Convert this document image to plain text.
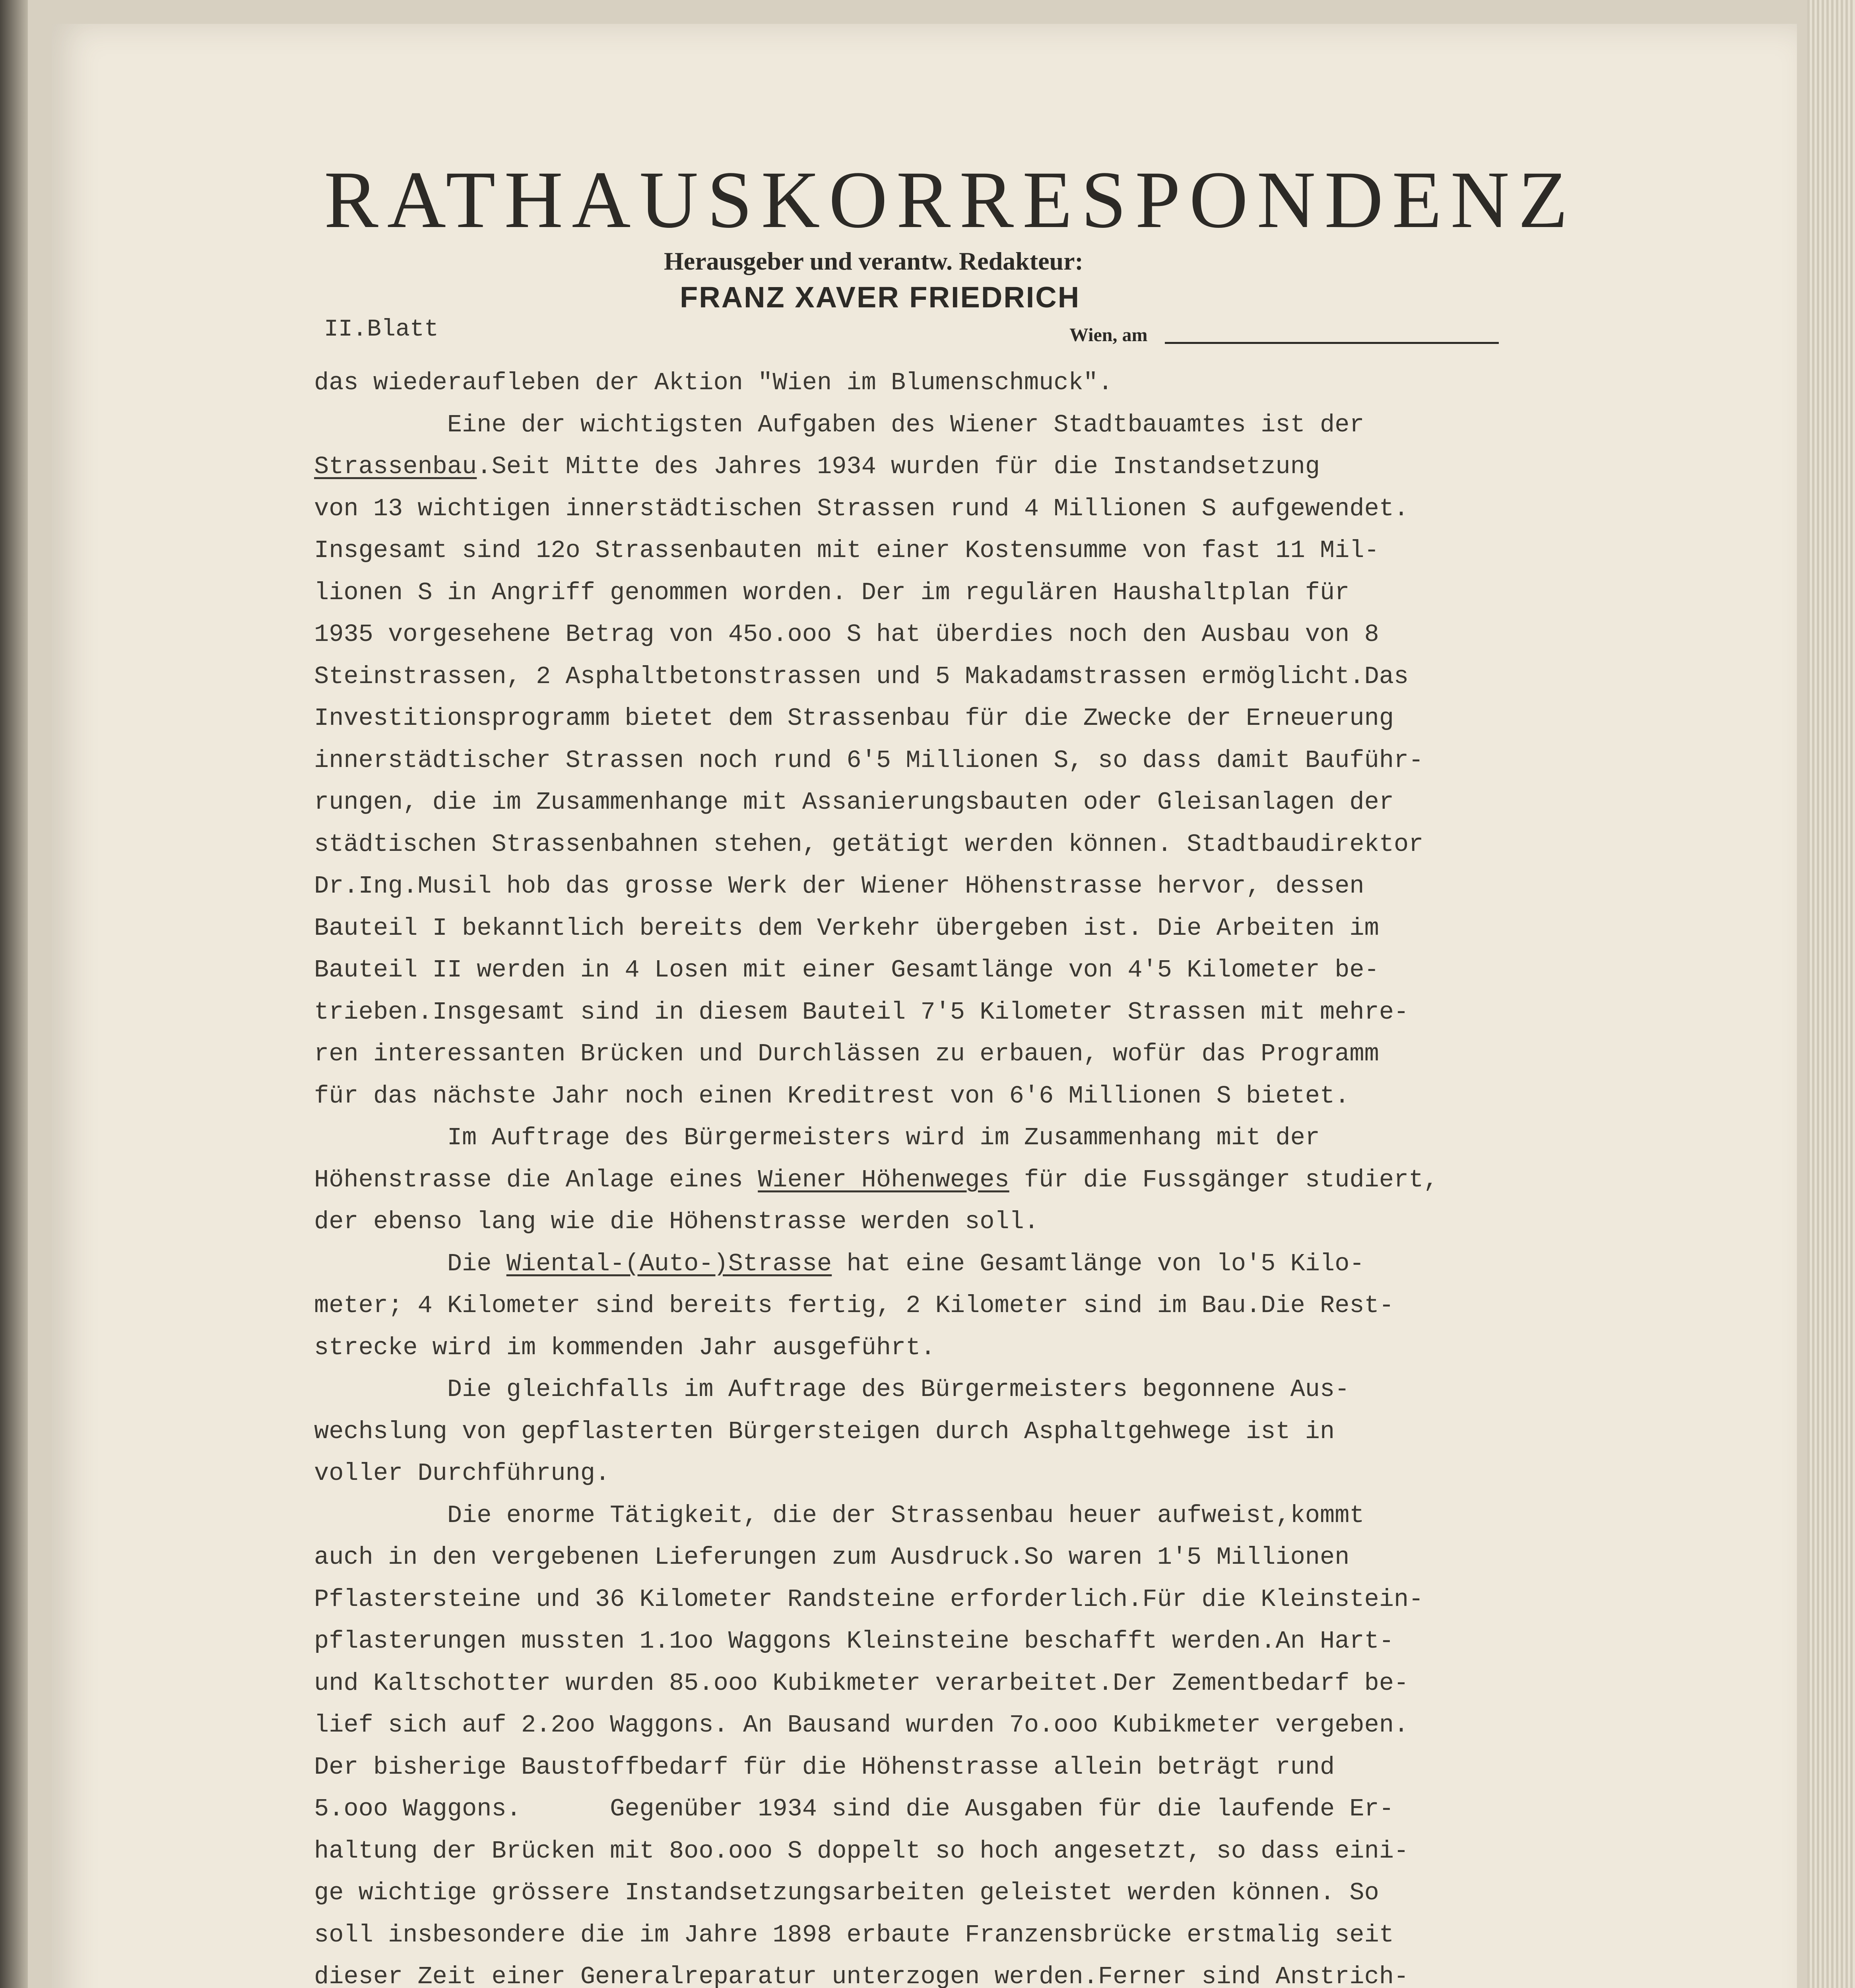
RATHAUSKORRESPONDENZ
Herausgeber und verantw. Redakteur:
FRANZ XAVER FRIEDRICH
II.Blatt	Wien, am
das wiederaufleben der Aktion "Wien im Blumenschmuck".
Eine der wichtigsten Aufgaben des Wiener Stadtbauamtes ist der
Strassenbau.Seit Mitte des Jahres 1934 wurden für die Instandsetzung
von 13 wichtigen innerstädtischen Strassen rund 4 Millionen S aufgewendet.
Insgesamt sind 12o Strassenbauten mit einer Kostensumme von fast 11 Mil-
lionen S in Angriff genommen worden. Der im regulären Haushaltplan für
1935 vorgesehene Betrag von 45o.ooo S hat überdies noch den Ausbau von 8
Steinstrassen, 2 Asphaltbetonstrassen und 5 Makadamstrassen ermöglicht.Das
Investitionsprogramm bietet dem Strassenbau für die Zwecke der Erneuerung
innerstädtischer Strassen noch rund 6'5 Millionen S, so dass damit Bauführ-
rungen, die im Zusammenhange mit Assanierungsbauten oder Gleisanlagen der
städtischen Strassenbahnen stehen, getätigt werden können. Stadtbaudirektor
Dr.Ing.Musil hob das grosse Werk der Wiener Höhenstrasse hervor, dessen
Bauteil I bekanntlich bereits dem Verkehr übergeben ist. Die Arbeiten im
Bauteil II werden in 4 Losen mit einer Gesamtlänge von 4'5 Kilometer be-
trieben.Insgesamt sind in diesem Bauteil 7'5 Kilometer Strassen mit mehre-
ren interessanten Brücken und Durchlässen zu erbauen, wofür das Programm
für das nächste Jahr noch einen Kreditrest von 6'6 Millionen S bietet.
Im Auftrage des Bürgermeisters wird im Zusammenhang mit der
Höhenstrasse die Anlage eines Wiener Höhenweges für die Fussgänger studiert,
der ebenso lang wie die Höhenstrasse werden soll.
Die Wiental-(Auto-)Strasse hat eine Gesamtlänge von lo'5 Kilo-
meter; 4 Kilometer sind bereits fertig, 2 Kilometer sind im Bau.Die Rest-
strecke wird im kommenden Jahr ausgeführt.
Die gleichfalls im Auftrage des Bürgermeisters begonnene Aus-
wechslung von gepflasterten Bürgersteigen durch Asphaltgehwege ist in
voller Durchführung.
Die enorme Tätigkeit, die der Strassenbau heuer aufweist,kommt
auch in den vergebenen Lieferungen zum Ausdruck.So waren 1'5 Millionen
Pflastersteine und 36 Kilometer Randsteine erforderlich.Für die Kleinstein-
pflasterungen mussten 1.1oo Waggons Kleinsteine beschafft werden.An Hart-
und Kaltschotter wurden 85.ooo Kubikmeter verarbeitet.Der Zementbedarf be-
lief sich auf 2.2oo Waggons. An Bausand wurden 7o.ooo Kubikmeter vergeben.
Der bisherige Baustoffbedarf für die Höhenstrasse allein beträgt rund
5.ooo Waggons.      Gegenüber 1934 sind die Ausgaben für die laufende Er-
haltung der Brücken mit 8oo.ooo S doppelt so hoch angesetzt, so dass eini-
ge wichtige grössere Instandsetzungsarbeiten geleistet werden können. So
soll insbesondere die im Jahre 1898 erbaute Franzensbrücke erstmalig seit
dieser Zeit einer Generalreparatur unterzogen werden.Ferner sind Anstrich-
